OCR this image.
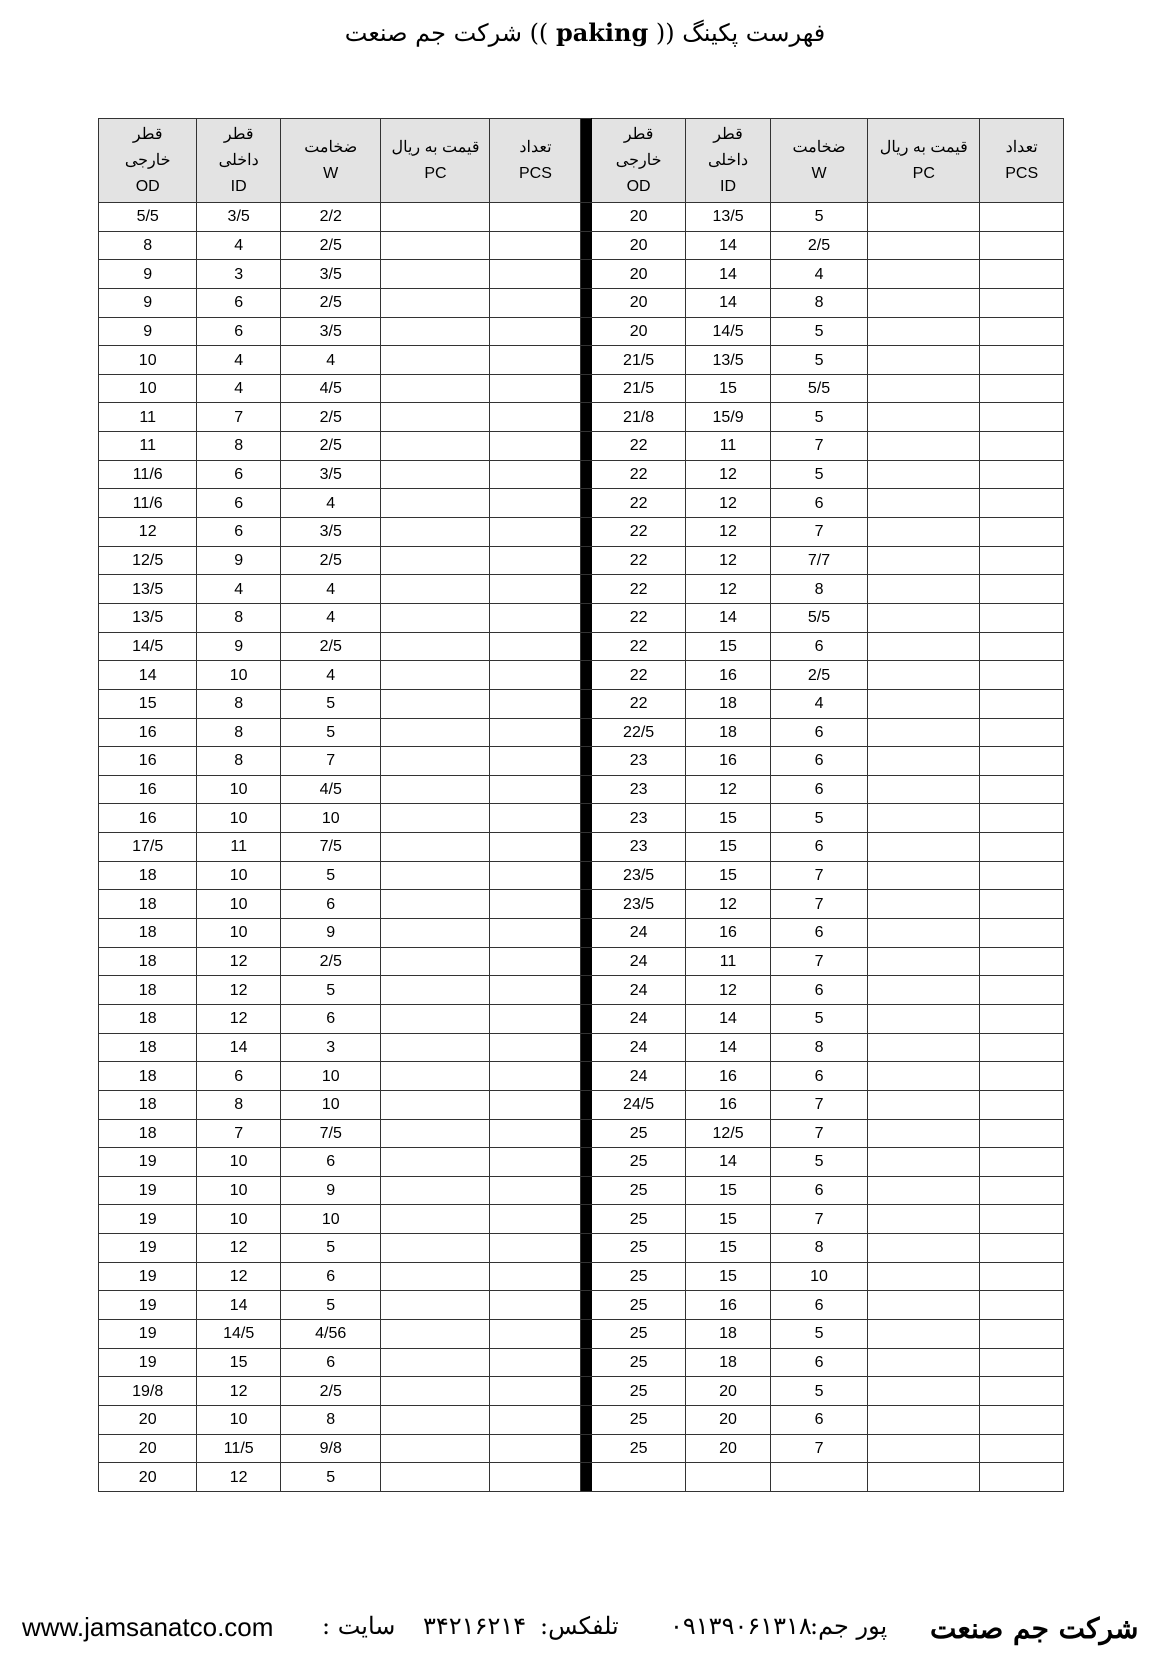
فهرست پکینگ (( paking )) شرکت جم صنعت
قطر
خارجی
OD	قطر
داخلی
ID	ضخامت
W	قیمت به ریال
PC	تعداد
PCS		قطر
خارجی
OD	قطر
داخلی
ID	ضخامت
W	قیمت به ریال
PC	تعداد
PCS

5/5	3/5	2/2				20	13/5	5		
8	4	2/5				20	14	2/5		
9	3	3/5				20	14	4		
9	6	2/5				20	14	8		
9	6	3/5				20	14/5	5		
10	4	4				21/5	13/5	5		
10	4	4/5				21/5	15	5/5		
11	7	2/5				21/8	15/9	5		
11	8	2/5				22	11	7		
11/6	6	3/5				22	12	5		
11/6	6	4				22	12	6		
12	6	3/5				22	12	7		
12/5	9	2/5				22	12	7/7		
13/5	4	4				22	12	8		
13/5	8	4				22	14	5/5		
14/5	9	2/5				22	15	6		
14	10	4				22	16	2/5		
15	8	5				22	18	4		
16	8	5				22/5	18	6		
16	8	7				23	16	6		
16	10	4/5				23	12	6		
16	10	10				23	15	5		
17/5	11	7/5				23	15	6		
18	10	5				23/5	15	7		
18	10	6				23/5	12	7		
18	10	9				24	16	6		
18	12	2/5				24	11	7		
18	12	5				24	12	6		
18	12	6				24	14	5		
18	14	3				24	14	8		
18	6	10				24	16	6		
18	8	10				24/5	16	7		
18	7	7/5				25	12/5	7		
19	10	6				25	14	5		
19	10	9				25	15	6		
19	10	10				25	15	7		
19	12	5				25	15	8		
19	12	6				25	15	10		
19	14	5				25	16	6		
19	14/5	4/56				25	18	5		
19	15	6				25	18	6		
19/8	12	2/5				25	20	5		
20	10	8				25	20	6		
20	11/5	9/8				25	20	7		
20	12	5								
www.jamsanatco.com سایت : ۳۴۲۱۶۲۱۴ تلفکس: ۰۹۱۳۹۰۶۱۳۱۸
پور جم: شرکت جم صنعت
